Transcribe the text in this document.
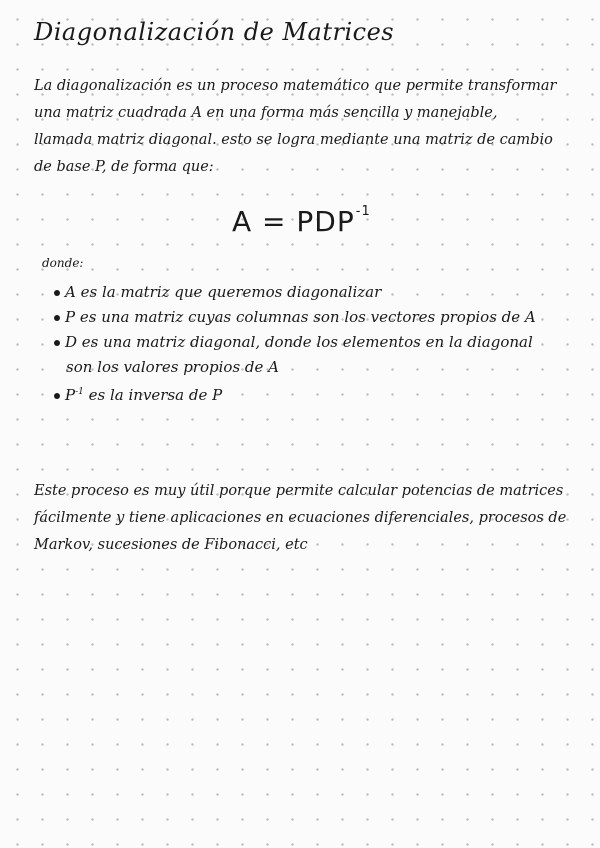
Diagonalización de Matrices
La diagonalización es un proceso matemático que permite transformar
una matriz cuadrada A en una forma más sencilla y manejable,
llamada matriz diagonal. esto se logra mediante una matriz de cambio
de base P, de forma que:
$A = PDP^{-1}$
donde:
A es la matriz que queremos diagonalizar
P es una matriz cuyas columnas son los vectores propios de A
D es una matriz diagonal, donde los elementos en la diagonal
son los valores propios de A
$P^{-1}$ es la inversa de P
Este proceso es muy útil porque permite calcular potencias de matrices
fácilmente y tiene aplicaciones en ecuaciones diferenciales, procesos de
Markov, sucesiones de Fibonacci, etc
